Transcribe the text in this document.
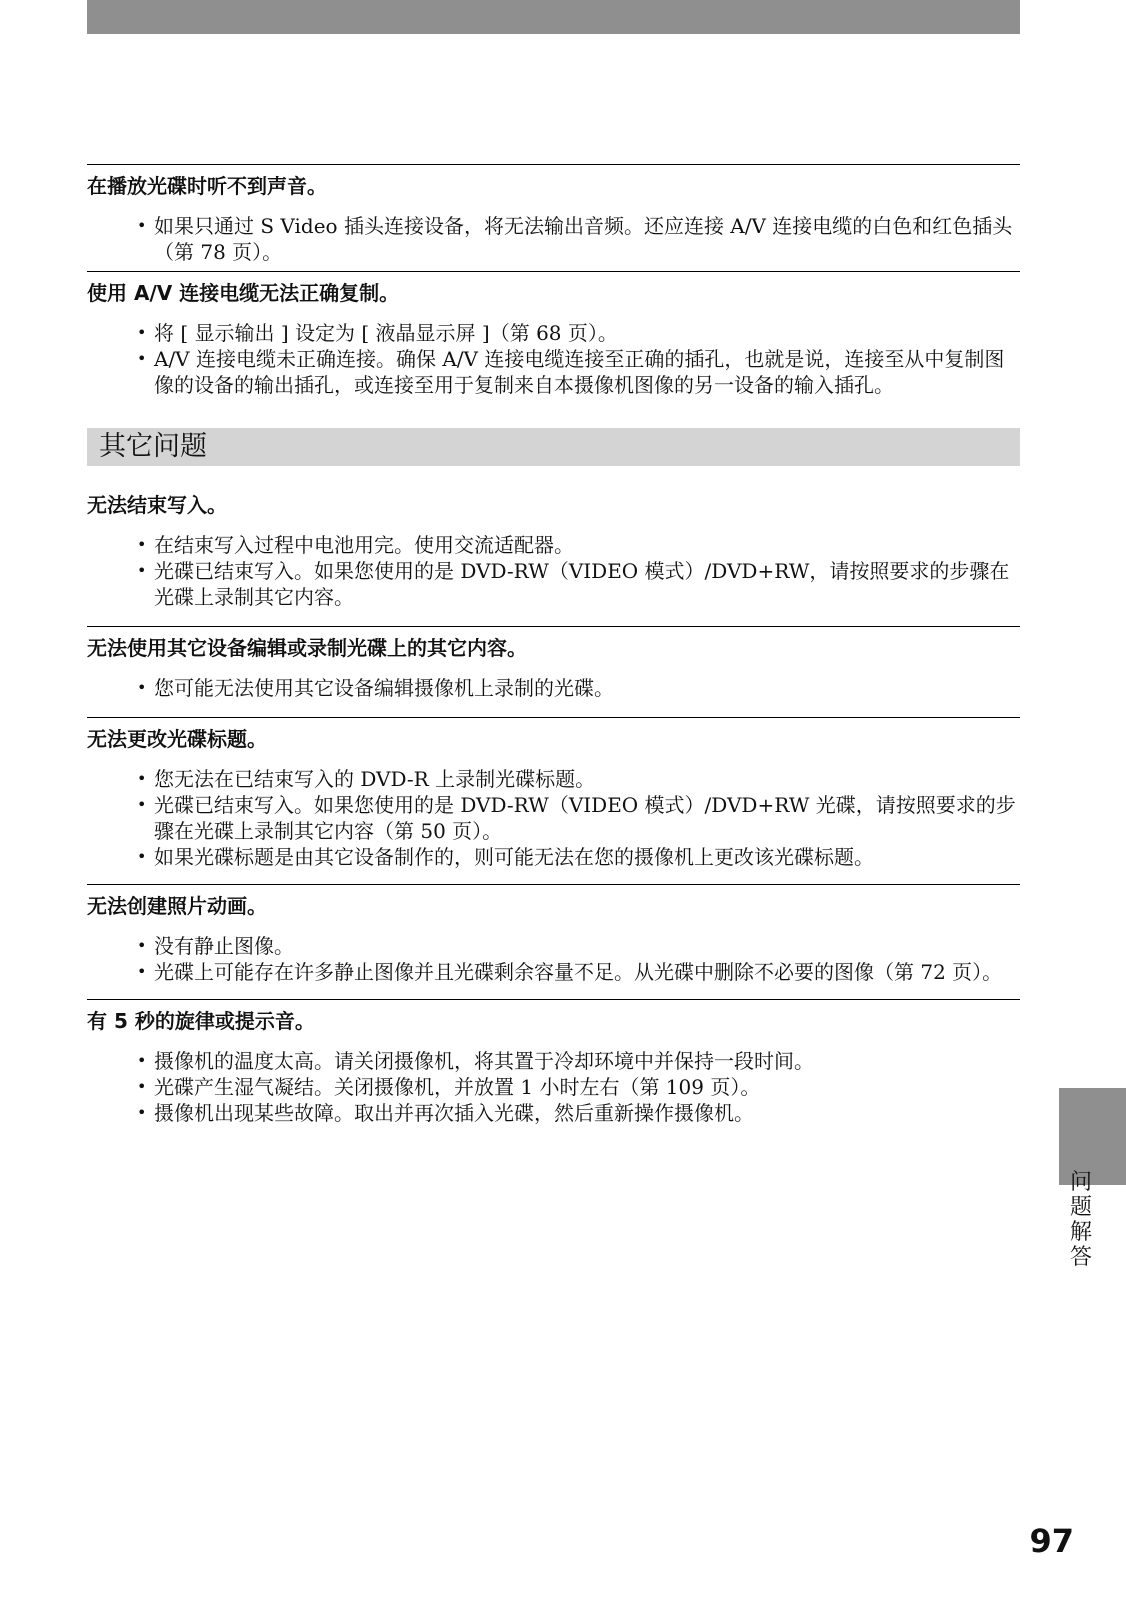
在播放光碟时听不到声音。
• 如果只通过 S Video 插头连接设备，将无法输出音频。还应连接 A/V 连接电缆的白色和红色插头（第 78 页）。
使用 A/V 连接电缆无法正确复制。
• 将 [ 显示输出 ] 设定为 [ 液晶显示屏 ]（第 68 页）。
• A/V 连接电缆未正确连接。确保 A/V 连接电缆连接至正确的插孔，也就是说，连接至从中复制图像的设备的输出插孔，或连接至用于复制来自本摄像机图像的另一设备的输入插孔。
其它问题
无法结束写入。
• 在结束写入过程中电池用完。使用交流适配器。
• 光碟已结束写入。如果您使用的是 DVD-RW（VIDEO 模式）/DVD+RW，请按照要求的步骤在光碟上录制其它内容。
无法使用其它设备编辑或录制光碟上的其它内容。
• 您可能无法使用其它设备编辑摄像机上录制的光碟。
无法更改光碟标题。
• 您无法在已结束写入的 DVD-R 上录制光碟标题。
• 光碟已结束写入。如果您使用的是 DVD-RW（VIDEO 模式）/DVD+RW 光碟，请按照要求的步骤在光碟上录制其它内容（第 50 页）。
• 如果光碟标题是由其它设备制作的，则可能无法在您的摄像机上更改该光碟标题。
无法创建照片动画。
• 没有静止图像。
• 光碟上可能存在许多静止图像并且光碟剩余容量不足。从光碟中删除不必要的图像（第 72 页）。
有 5 秒的旋律或提示音。
• 摄像机的温度太高。请关闭摄像机，将其置于冷却环境中并保持一段时间。
• 光碟产生湿气凝结。关闭摄像机，并放置 1 小时左右（第 109 页）。
• 摄像机出现某些故障。取出并再次插入光碟，然后重新操作摄像机。
问
题
解
答
97
